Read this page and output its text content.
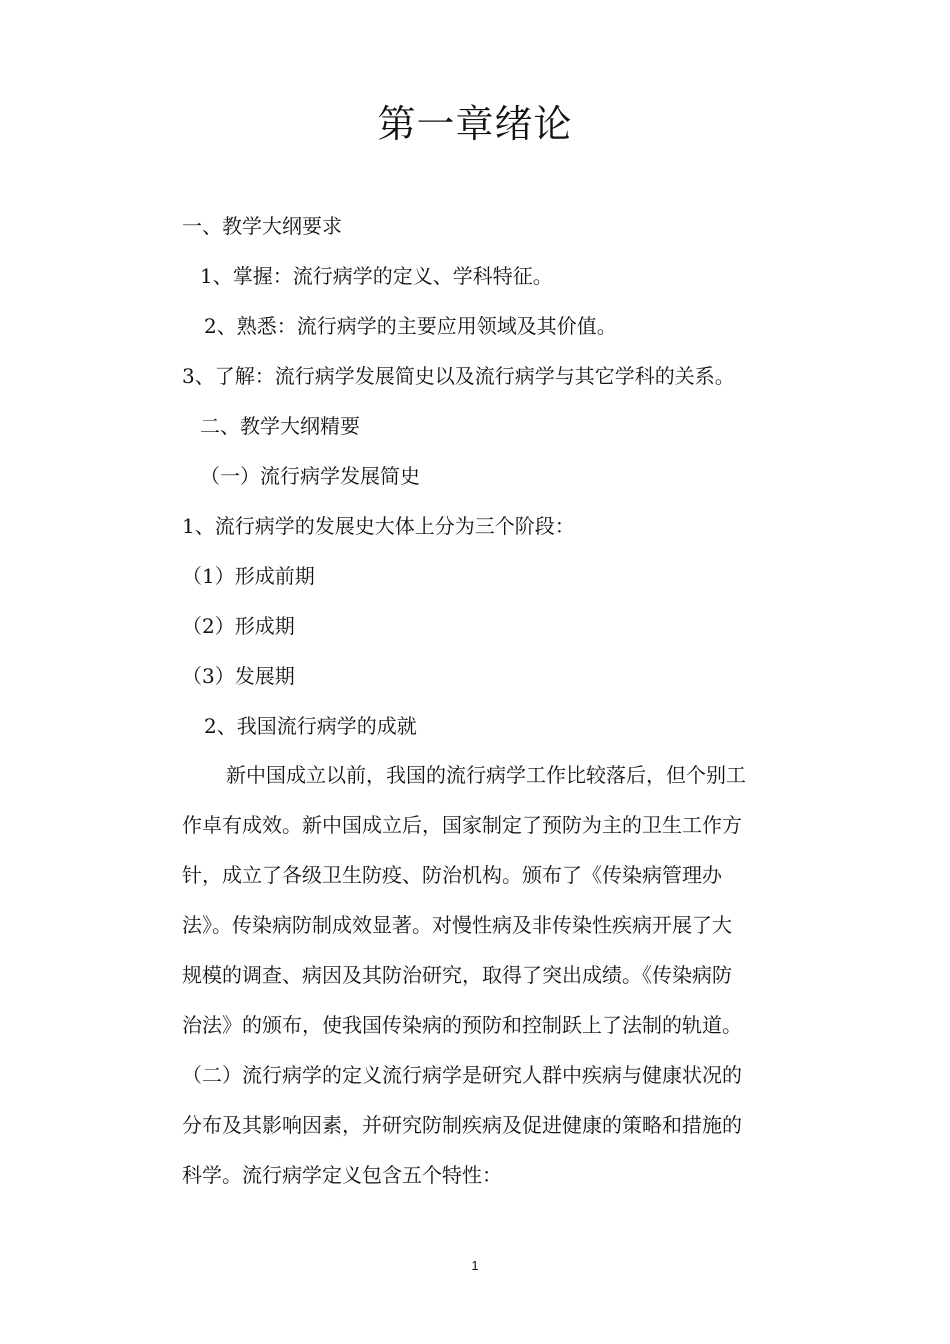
第一章绪论
一、教学大纲要求
1、掌握：流行病学的定义、学科特征。
2、熟悉：流行病学的主要应用领域及其价值。
3、了解：流行病学发展简史以及流行病学与其它学科的关系。
二、教学大纲精要
（一）流行病学发展简史
1、流行病学的发展史大体上分为三个阶段：
（1）形成前期
（2）形成期
（3）发展期
2、我国流行病学的成就
新中国成立以前，我国的流行病学工作比较落后，但个别工
作卓有成效。新中国成立后，国家制定了预防为主的卫生工作方
针，成立了各级卫生防疫、防治机构。颁布了《传染病管理办
法》。传染病防制成效显著。对慢性病及非传染性疾病开展了大
规模的调查、病因及其防治研究，取得了突出成绩。《传染病防
治法》的颁布，使我国传染病的预防和控制跃上了法制的轨道。
（二）流行病学的定义流行病学是研究人群中疾病与健康状况的
分布及其影响因素，并研究防制疾病及促进健康的策略和措施的
科学。流行病学定义包含五个特性：
1
